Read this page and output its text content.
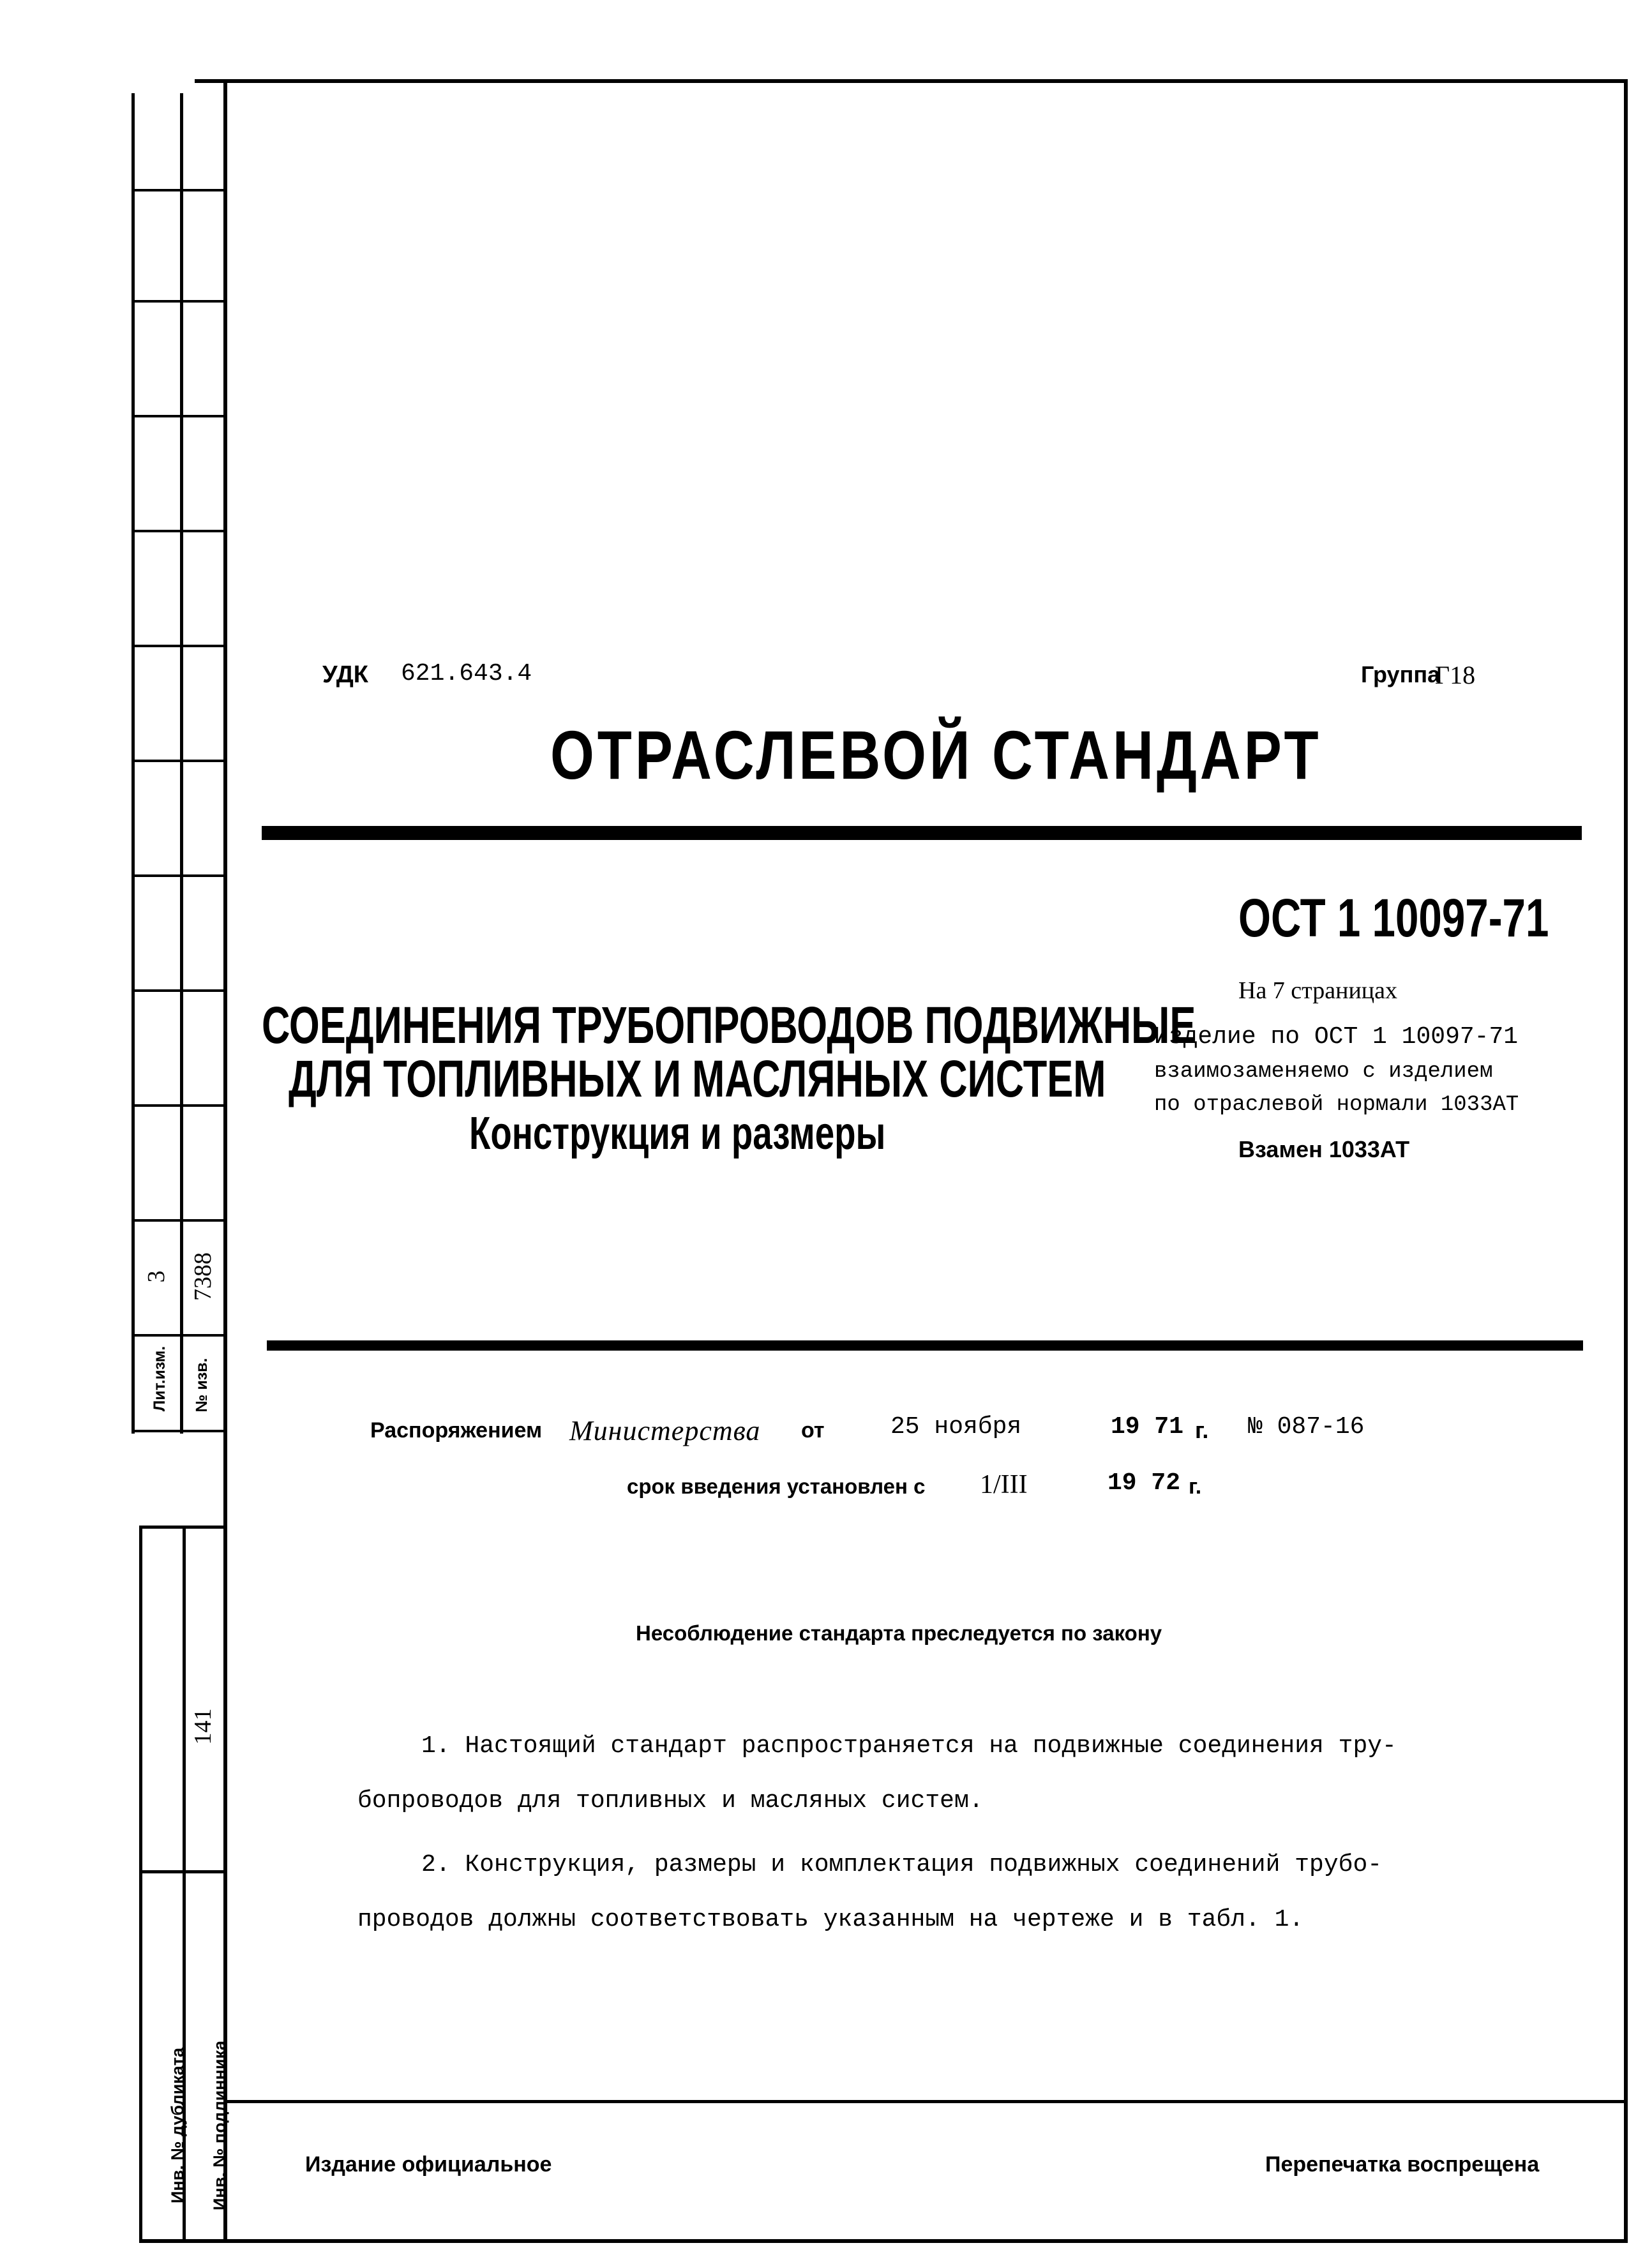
3 7388
Лит.изм. № изв.
141
Инв. № дубликата Инв. № подлинника
УДК 621.643.4	Группа
Г18
ОТРАСЛЕВОЙ СТАНДАРТ
ОСТ 1 10097-71
На 7 страницах
Изделие по ОСТ 1 10097-71
взаимозаменяемо с изделием
по отраслевой нормали 1033АТ
Взамен 1033АТ
СОЕДИНЕНИЯ ТРУБОПРОВОДОВ ПОДВИЖНЫЕ
ДЛЯ ТОПЛИВНЫХ И МАСЛЯНЫХ СИСТЕМ
Конструкция и размеры
Распоряжением Министерства от	25 ноября	19 71 г. № 087-16
срок введения установлен с 1/III	19 72 г.
Несоблюдение стандарта преследуется по закону
1. Настоящий стандарт распространяется на подвижные соединения тру-
бопроводов для топливных и масляных систем.
2. Конструкция, размеры и комплектация подвижных соединений трубо-
проводов должны соответствовать указанным на чертеже и в табл. 1.
Издание официальное	Перепечатка воспрещена
